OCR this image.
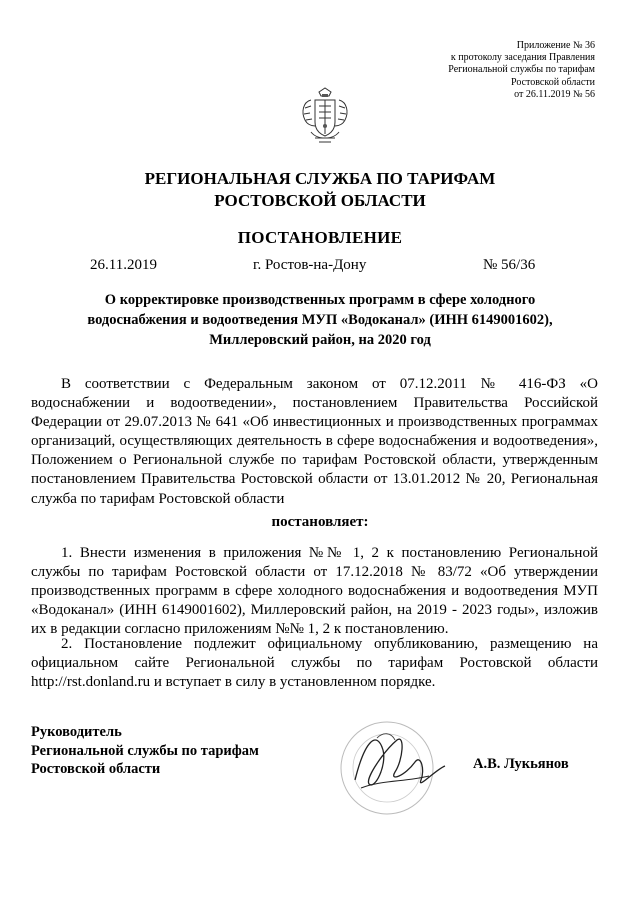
Приложение № 36
к протоколу заседания Правления
Региональной службы по тарифам
Ростовской области
от 26.11.2019 № 56
РЕГИОНАЛЬНАЯ СЛУЖБА ПО ТАРИФАМ
РОСТОВСКОЙ ОБЛАСТИ
ПОСТАНОВЛЕНИЕ
26.11.2019	г. Ростов-на-Дону	№ 56/36
О корректировке производственных программ в сфере холодного
водоснабжения и водоотведения МУП «Водоканал» (ИНН 6149001602),
Миллеровский район, на 2020 год
В соответствии с Федеральным законом от 07.12.2011 № 416-ФЗ «О водоснабжении и водоотведении», постановлением Правительства Российской Федерации от 29.07.2013 № 641 «Об инвестиционных и производственных программах организаций, осуществляющих деятельность в сфере водоснабжения и водоотведения», Положением о Региональной службе по тарифам Ростовской области, утвержденным постановлением Правительства Ростовской области от 13.01.2012 № 20, Региональная служба по тарифам Ростовской области
постановляет:
1. Внести изменения в приложения №№ 1, 2 к постановлению Региональной службы по тарифам Ростовской области от 17.12.2018 № 83/72 «Об утверждении производственных программ в сфере холодного водоснабжения и водоотведения МУП «Водоканал» (ИНН 6149001602), Миллеровский район, на 2019 - 2023 годы», изложив их в редакции согласно приложениям №№ 1, 2 к постановлению.
2. Постановление подлежит официальному опубликованию, размещению на официальном сайте Региональной службы по тарифам Ростовской области http://rst.donland.ru и вступает в силу в установленном порядке.
Руководитель
Региональной службы по тарифам
Ростовской области	А.В. Лукьянов
